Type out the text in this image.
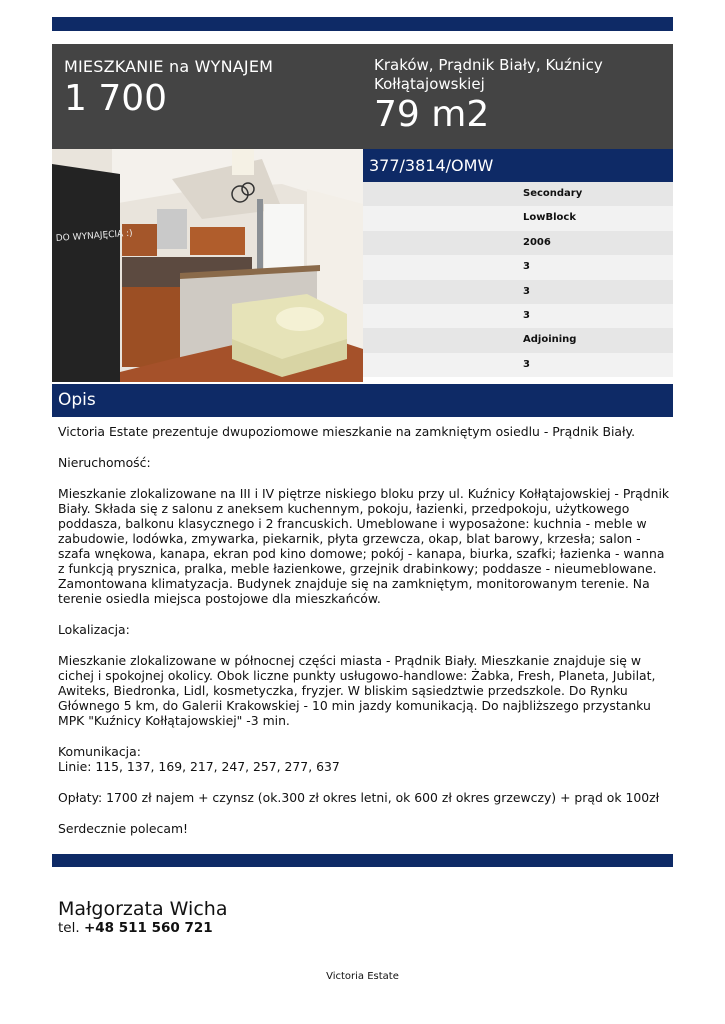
MIESZKANIE na WYNAJEM
1 700
Kraków, Prądnik Biały, Kuźnicy Kołłątajowskiej
79 m2
DO WYNAJĘCIA :)
377/3814/OMW
Secondary
LowBlock
2006
3
3
3
Adjoining
3
Opis

Victoria Estate prezentuje dwupoziomowe mieszkanie na zamkniętym osiedlu - Prądnik Biały.

Nieruchomość:

Mieszkanie zlokalizowane na III i IV piętrze niskiego bloku przy ul. Kuźnicy Kołłątajowskiej - Prądnik Biały. Składa się z salonu z aneksem kuchennym, pokoju, łazienki, przedpokoju, użytkowego poddasza, balkonu klasycznego i 2 francuskich. Umeblowane i wyposażone: kuchnia - meble w zabudowie, lodówka, zmywarka, piekarnik, płyta grzewcza, okap, blat barowy, krzesła; salon - szafa wnękowa, kanapa, ekran pod kino domowe; pokój - kanapa, biurka, szafki; łazienka - wanna z funkcją prysznica, pralka, meble łazienkowe, grzejnik drabinkowy; poddasze - nieumeblowane. Zamontowana klimatyzacja. Budynek znajduje się na zamkniętym, monitorowanym terenie. Na terenie osiedla miejsca postojowe dla mieszkańców.

Lokalizacja:

Mieszkanie zlokalizowane w północnej części miasta - Prądnik Biały. Mieszkanie znajduje się w cichej i spokojnej okolicy. Obok liczne punkty usługowo-handlowe: Żabka, Fresh, Planeta, Jubilat, Awiteks, Biedronka, Lidl, kosmetyczka, fryzjer. W bliskim sąsiedztwie przedszkole. Do Rynku Głównego 5 km, do Galerii Krakowskiej - 10 min jazdy komunikacją. Do najbliższego przystanku MPK "Kuźnicy Kołłątajowskiej" -3 min.

Komunikacja:

Linie: 115, 137, 169, 217, 247, 257, 277, 637

Opłaty: 1700 zł najem + czynsz (ok.300 zł okres letni, ok 600 zł okres grzewczy) + prąd ok 100zł

Serdecznie polecam!

Małgorzata Wicha
tel. +48 511 560 721
Victoria Estate
